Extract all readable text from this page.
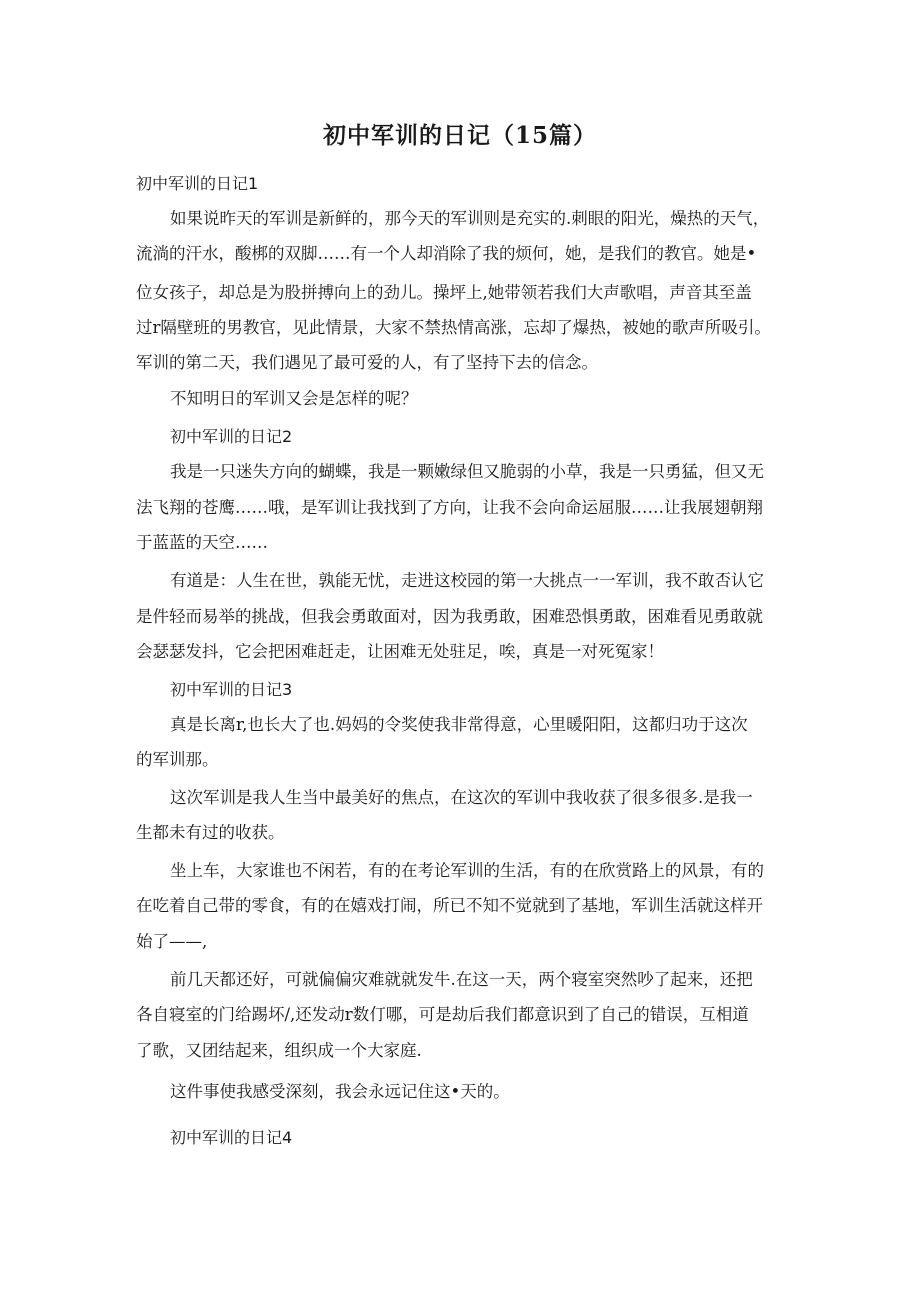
初中军训的日记（15篇）

初中军训的日记1

如果说昨天的军训是新鲜的，那今天的军训则是充实的.刺眼的阳光，燥热的天气，

流淌的汗水，酸梆的双脚……有一个人却消除了我的烦何，她，是我们的教官。她是•

位女孩子，却总是为股拼搏向上的劲儿。操坪上,她带领若我们大声歌唱，声音其至盖

过r隔壁班的男教官，见此情景，大家不禁热情高涨，忘却了爆热，被她的歌声所吸引。

军训的第二天，我们遇见了最可爱的人，有了坚持下去的信念。

不知明日的军训又会是怎样的呢？

初中军训的日记2

我是一只迷失方向的蝴蝶，我是一颗嫩绿但又脆弱的小草，我是一只勇猛，但又无

法飞翔的苍鹰……哦，是军训让我找到了方向，让我不会向命运屈服……让我展翅朝翔

于蓝蓝的天空……

有道是：人生在世，孰能无忧，走进这校园的第一大挑点一一军训，我不敢否认它

是件轻而易举的挑战，但我会勇敢面对，因为我勇敢，困难恐惧勇敢，困难看见勇敢就

会瑟瑟发抖，它会把困难赶走，让困难无处驻足，唉，真是一对死冤家！

初中军训的日记3

真是长离r,也长大了也.妈妈的令奖使我非常得意，心里暖阳阳，这都归功于这次

的军训那。

这次军训是我人生当中最美好的焦点，在这次的军训中我收获了很多很多.是我一

生都未有过的收获。

坐上车，大家谁也不闲若，有的在考论军训的生活，有的在欣赏路上的风景，有的

在吃着自己带的零食，有的在嬉戏打闹，所已不知不觉就到了基地，军训生活就这样开

始了——,

前几天都还好，可就偏偏灾难就就发牛.在这一天，两个寝室突然吵了起来，还把

各自寝室的门给踢坏/,还发动r数仃哪，可是劫后我们都意识到了自己的错误，互相道

了歌，又团结起来，组织成一个大家庭.

这件事使我感受深刻，我会永远记住这•天的。

初中军训的日记4
